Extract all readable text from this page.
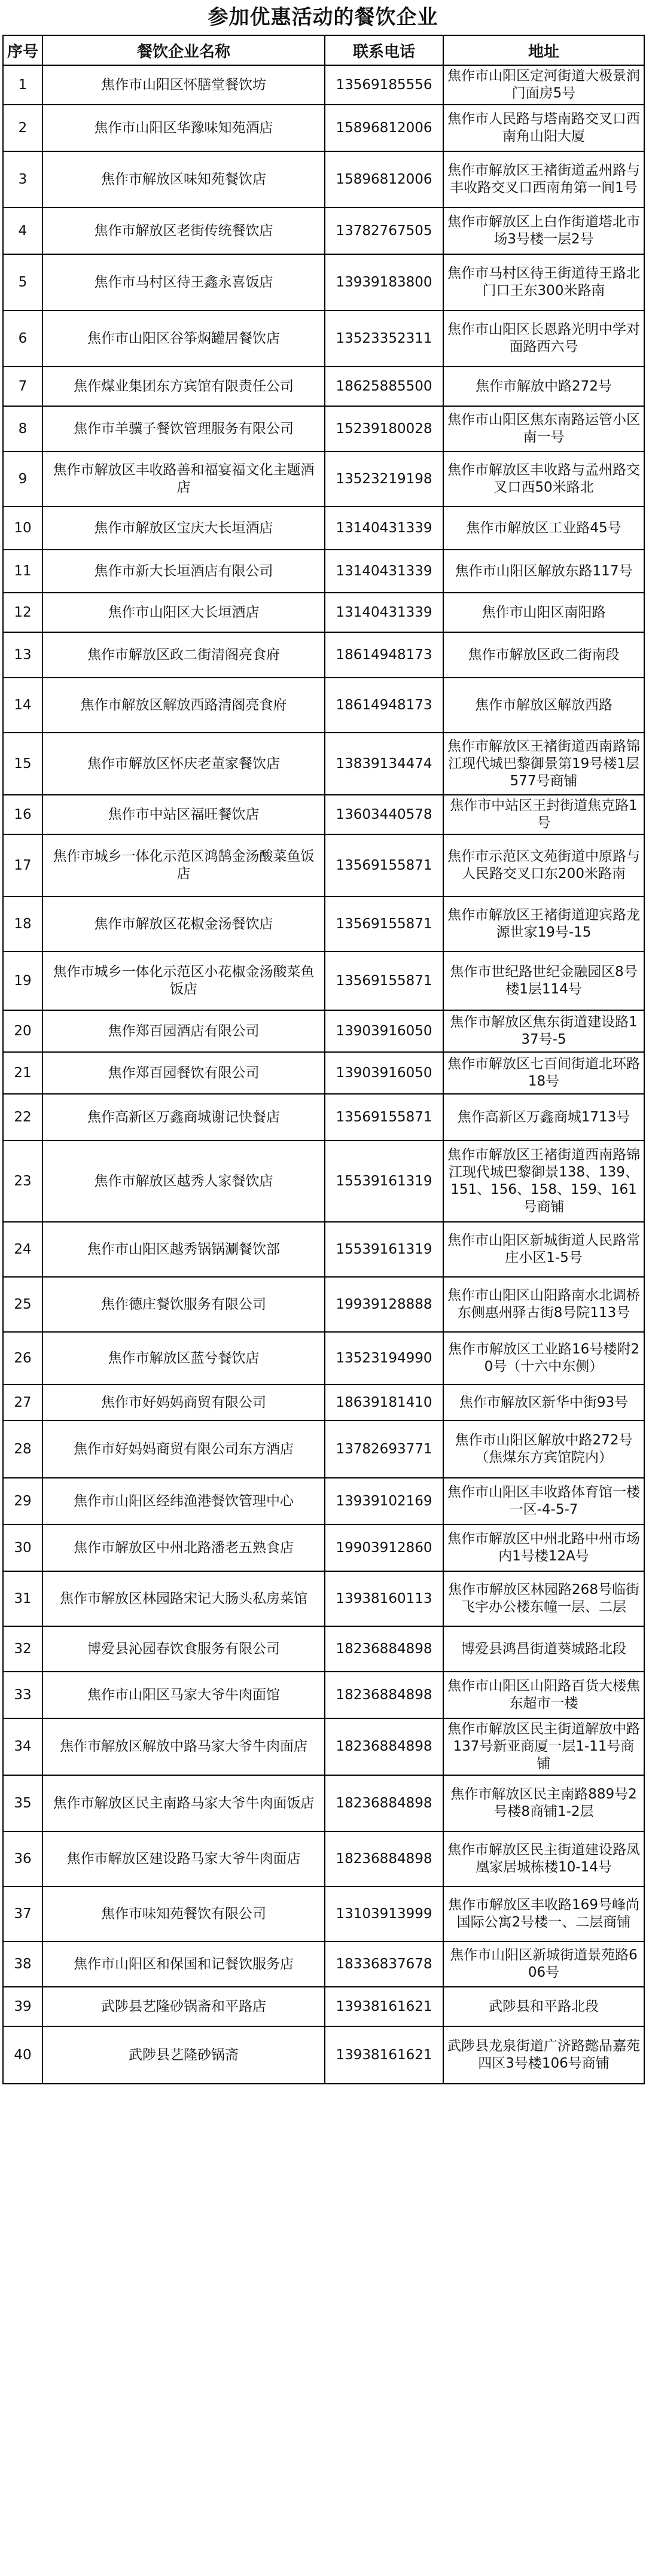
参加优惠活动的餐饮企业
序号	餐饮企业名称	联系电话	地址
1	焦作市山阳区怀膳堂餐饮坊	13569185556	焦作市山阳区定河街道大极景润门面房5号
2	焦作市山阳区华豫味知苑酒店	15896812006	焦作市人民路与塔南路交叉口西南角山阳大厦
3	焦作市解放区味知苑餐饮店	15896812006	焦作市解放区王褚街道孟州路与丰收路交叉口西南角第一间1号
4	焦作市解放区老街传统餐饮店	13782767505	焦作市解放区上白作街道塔北市场3号楼一层2号
5	焦作市马村区待王鑫永喜饭店	13939183800	焦作市马村区待王街道待王路北门口王东300米路南
6	焦作市山阳区谷筝焖罐居餐饮店	13523352311	焦作市山阳区长恩路光明中学对面路西六号
7	焦作煤业集团东方宾馆有限责任公司	18625885500	焦作市解放中路272号
8	焦作市羊骥子餐饮管理服务有限公司	15239180028	焦作市山阳区焦东南路运管小区南一号
9	焦作市解放区丰收路善和福宴福文化主题酒店	13523219198	焦作市解放区丰收路与孟州路交叉口西50米路北
10	焦作市解放区宝庆大长垣酒店	13140431339	焦作市解放区工业路45号
11	焦作市新大长垣酒店有限公司	13140431339	焦作市山阳区解放东路117号
12	焦作市山阳区大长垣酒店	13140431339	焦作市山阳区南阳路
13	焦作市解放区政二街清阁亮食府	18614948173	焦作市解放区政二街南段
14	焦作市解放区解放西路清阁亮食府	18614948173	焦作市解放区解放西路
15	焦作市解放区怀庆老董家餐饮店	13839134474	焦作市解放区王褚街道西南路锦江现代城巴黎御景第19号楼1层577号商铺
16	焦作市中站区福旺餐饮店	13603440578	焦作市中站区王封街道焦克路1号
17	焦作市城乡一体化示范区鸿鹄金汤酸菜鱼饭店	13569155871	焦作市示范区文苑街道中原路与人民路交叉口东200米路南
18	焦作市解放区花椒金汤餐饮店	13569155871	焦作市解放区王褚街道迎宾路龙源世家19号-15
19	焦作市城乡一体化示范区小花椒金汤酸菜鱼饭店	13569155871	焦作市世纪路世纪金融园区8号楼1层114号
20	焦作郑百园酒店有限公司	13903916050	焦作市解放区焦东街道建设路137号-5
21	焦作郑百园餐饮有限公司	13903916050	焦作市解放区七百间街道北环路18号
22	焦作高新区万鑫商城谢记快餐店	13569155871	焦作高新区万鑫商城1713号
23	焦作市解放区越秀人家餐饮店	15539161319	焦作市解放区王褚街道西南路锦江现代城巴黎御景138、139、151、156、158、159、161号商铺
24	焦作市山阳区越秀锅锅涮餐饮部	15539161319	焦作市山阳区新城街道人民路常庄小区1-5号
25	焦作德庄餐饮服务有限公司	19939128888	焦作市山阳区山阳路南水北调桥东侧惠州驿古街8号院113号
26	焦作市解放区蓝兮餐饮店	13523194990	焦作市解放区工业路16号楼附20号（十六中东侧）
27	焦作市好妈妈商贸有限公司	18639181410	焦作市解放区新华中街93号
28	焦作市好妈妈商贸有限公司东方酒店	13782693771	焦作市山阳区解放中路272号（焦煤东方宾馆院内）
29	焦作市山阳区经纬渔港餐饮管理中心	13939102169	焦作市山阳区丰收路体育馆一楼一区-4-5-7
30	焦作市解放区中州北路潘老五熟食店	19903912860	焦作市解放区中州北路中州市场内1号楼12A号
31	焦作市解放区林园路宋记大肠头私房菜馆	13938160113	焦作市解放区林园路268号临街飞宇办公楼东幢一层、二层
32	博爱县沁园春饮食服务有限公司	18236884898	博爱县鸿昌街道葵城路北段
33	焦作市山阳区马家大爷牛肉面馆	18236884898	焦作市山阳区山阳路百货大楼焦东超市一楼
34	焦作市解放区解放中路马家大爷牛肉面店	18236884898	焦作市解放区民主街道解放中路137号新亚商厦一层1-11号商铺
35	焦作市解放区民主南路马家大爷牛肉面饭店	18236884898	焦作市解放区民主南路889号2号楼8商铺1-2层
36	焦作市解放区建设路马家大爷牛肉面店	18236884898	焦作市解放区民主街道建设路凤凰家居城栋楼10-14号
37	焦作市味知苑餐饮有限公司	13103913999	焦作市解放区丰收路169号峰尚国际公寓2号楼一、二层商铺
38	焦作市山阳区和保国和记餐饮服务店	18336837678	焦作市山阳区新城街道景苑路606号
39	武陟县艺隆砂锅斋和平路店	13938161621	武陟县和平路北段
40	武陟县艺隆砂锅斋	13938161621	武陟县龙泉街道广济路懿品嘉苑四区3号楼106号商铺
